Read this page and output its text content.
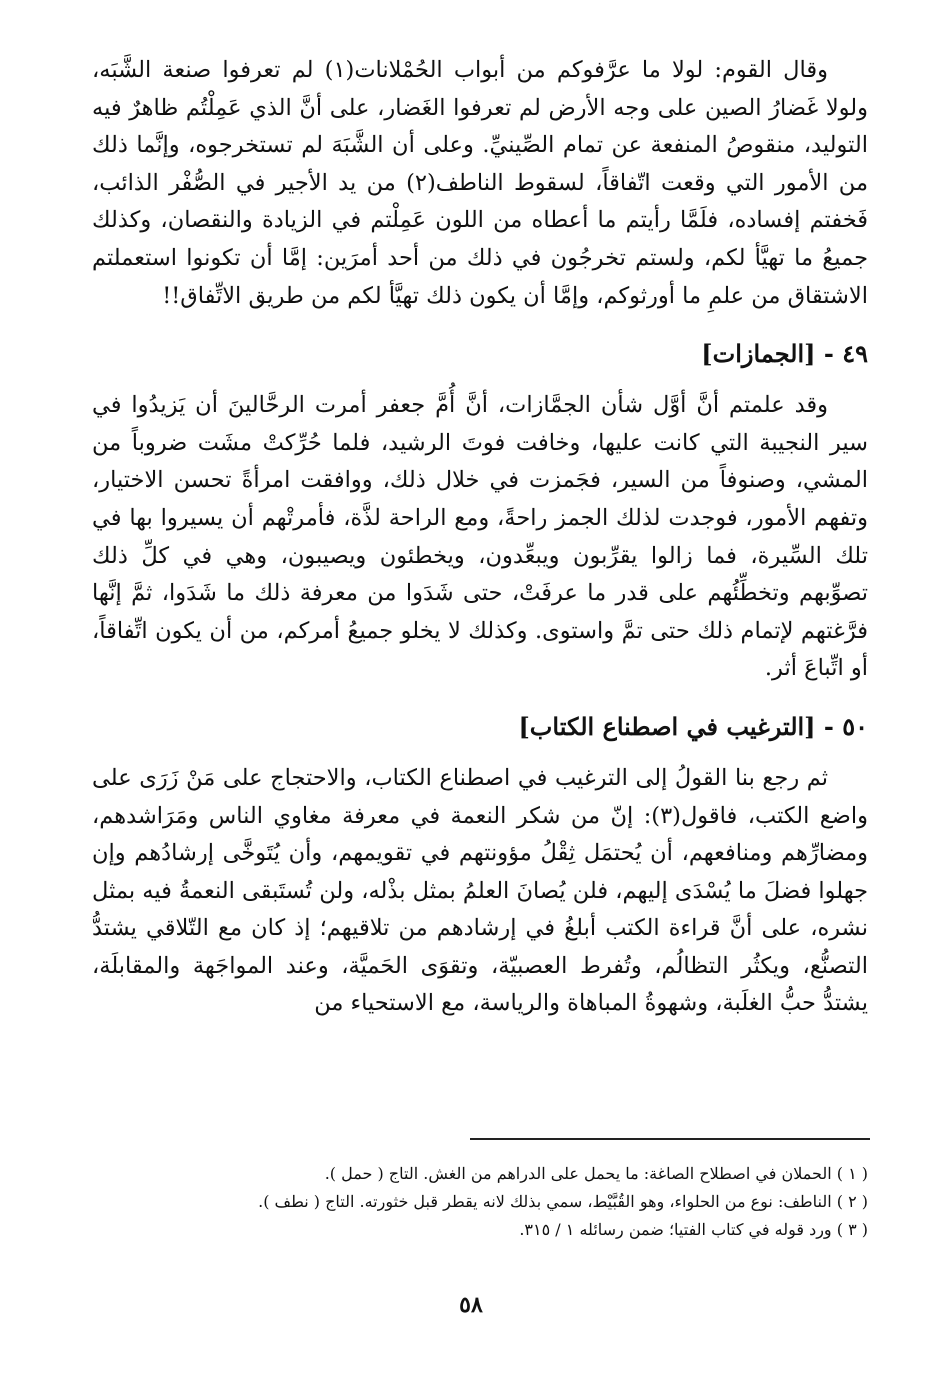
وقال القوم: لولا ما عرَّفوكم من أبواب الحُمْلانات(١) لم تعرفوا صنعة الشَّبَه، ولولا غَضارُ الصين على وجه الأرض لم تعرفوا الغَضار، على أنَّ الذي عَمِلْتُم ظاهرٌ فيه التوليد، منقوصُ المنفعة عن تمام الصِّينيِّ. وعلى أن الشَّبَهَ لم تستخرجوه، وإنَّما ذلك من الأمور التي وقعت اتّفاقاً، لسقوط الناطف(٢) من يد الأجير في الصُّفْر الذائب، فَخفتم إفساده، فلَمَّا رأيتم ما أعطاه من اللون عَمِلْتم في الزيادة والنقصان، وكذلك جميعُ ما تهيَّأ لكم، ولستم تخرجُون في ذلك من أحد أمرَين: إمَّا أن تكونوا استعملتم الاشتقاق من علمِ ما أورثوكم، وإمَّا أن يكون ذلك تهيَّأ لكم من طريق الاتِّفاق!!

٤٩ - [الجمازات]

وقد علمتم أنَّ أوَّل شأن الجمَّازات، أنَّ أُمَّ جعفر أمرت الرحَّالينَ أن يَزيدُوا في سير النجيبة التي كانت عليها، وخافت فوتَ الرشيد، فلما حُرِّكتْ مشَت ضروباً من المشي، وصنوفاً من السير، فجَمزت في خلال ذلك، ووافقت امرأةً تحسن الاختيار، وتفهم الأمور، فوجدت لذلك الجمز راحةً، ومع الراحة لذَّة، فأمرتْهم أن يسيروا بها في تلك السِّيرة، فما زالوا يقرِّبون ويبعِّدون، ويخطئون ويصيبون، وهي في كلِّ ذلك تصوِّبهم وتخطِّئُهم على قدر ما عرفَتْ، حتى شَدَوا من معرفة ذلك ما شَدَوا، ثمَّ إنَّها فرَّغتهم لإتمام ذلك حتى تمَّ واستوى. وكذلك لا يخلو جميعُ أمركم، من أن يكون اتِّفاقاً، أو اتِّباعَ أثر.

٥٠ - [الترغيب في اصطناع الكتاب]

ثم رجع بنا القولُ إلى الترغيب في اصطناع الكتاب، والاحتجاج على مَنْ زَرَى على واضع الكتب، فاقول(٣): إنّ من شكر النعمة في معرفة مغاوي الناس ومَرَاشدهم، ومضارِّهم ومنافعهم، أن يُحتمَل ثِقْلُ مؤونتهم في تقويمهم، وأن يُتَوخَّى إرشادُهم وإن جهلوا فضلَ ما يُسْدَى إليهم، فلن يُصانَ العلمُ بمثل بذْله، ولن تُستَبقى النعمةُ فيه بمثل نشره، على أنَّ قراءة الكتب أبلغُ في إرشادهم من تلاقيهم؛ إذ كان مع التّلاقي يشتدُّ التصنُّع، ويكثُر التظالُم، وتُفرط العصبيّة، وتقوَى الحَميَّة، وعند المواجَهة والمقابلَة، يشتدُّ حبُّ الغلَبة، وشهوةُ المباهاة والرياسة، مع الاستحياء من

( ١ ) الحملان في اصطلاح الصاغة: ما يحمل على الدراهم من الغش. التاج ( حمل ).

( ٢ ) الناطف: نوع من الحلواء، وهو القُبَّيْط، سمي بذلك لانه يقطر قبل خثورته. التاج ( نطف ).

( ٣ ) ورد قوله في كتاب الفتيا؛ ضمن رسائله ١ / ٣١٥.

٥٨
